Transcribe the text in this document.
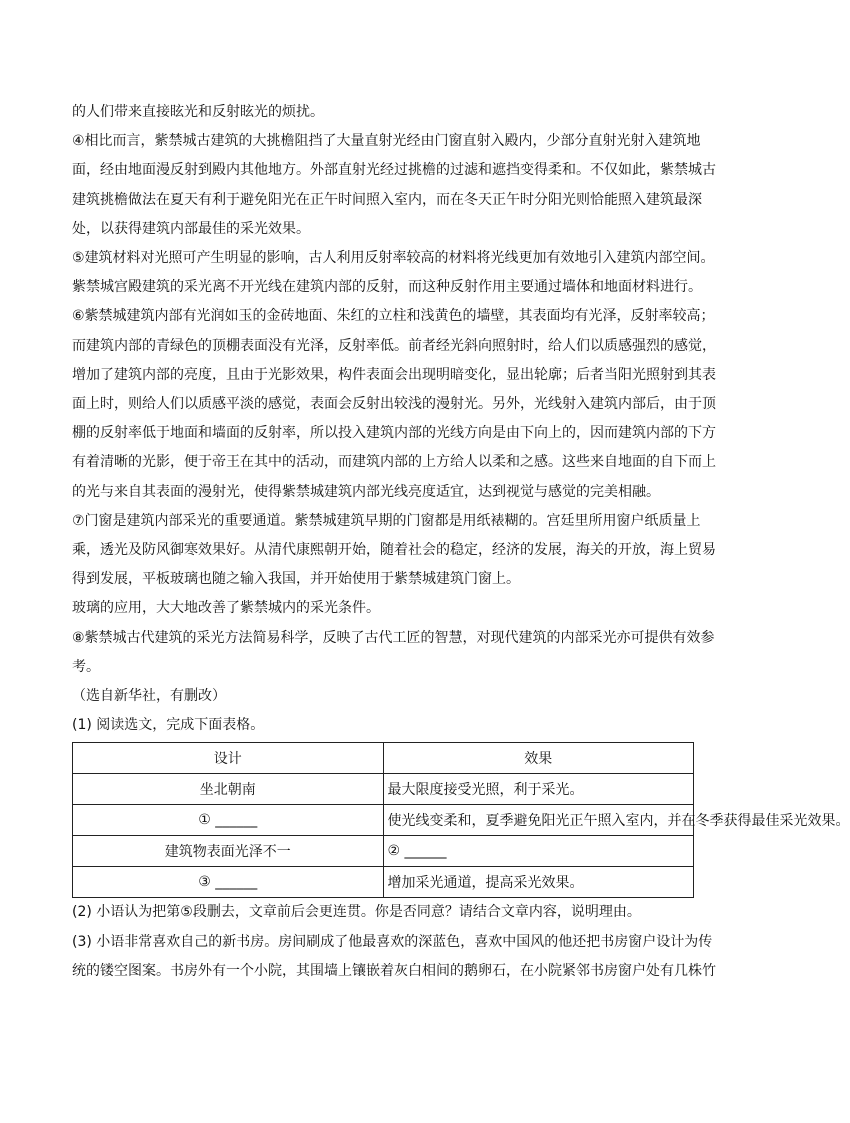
的人们带来直接眩光和反射眩光的烦扰。

④相比而言，紫禁城古建筑的大挑檐阻挡了大量直射光经由门窗直射入殿内，少部分直射光射入建筑地

面，经由地面漫反射到殿内其他地方。外部直射光经过挑檐的过滤和遮挡变得柔和。不仅如此，紫禁城古

建筑挑檐做法在夏天有利于避免阳光在正午时间照入室内，而在冬天正午时分阳光则恰能照入建筑最深

处，以获得建筑内部最佳的采光效果。

⑤建筑材料对光照可产生明显的影响，古人利用反射率较高的材料将光线更加有效地引入建筑内部空间。

紫禁城宫殿建筑的采光离不开光线在建筑内部的反射，而这种反射作用主要通过墙体和地面材料进行。

⑥紫禁城建筑内部有光润如玉的金砖地面、朱红的立柱和浅黄色的墙壁，其表面均有光泽，反射率较高；

而建筑内部的青绿色的顶棚表面没有光泽，反射率低。前者经光斜向照射时，给人们以质感强烈的感觉，

增加了建筑内部的亮度，且由于光影效果，构件表面会出现明暗变化，显出轮廓；后者当阳光照射到其表

面上时，则给人们以质感平淡的感觉，表面会反射出较浅的漫射光。另外，光线射入建筑内部后，由于顶

棚的反射率低于地面和墙面的反射率，所以投入建筑内部的光线方向是由下向上的，因而建筑内部的下方

有着清晰的光影，便于帝王在其中的活动，而建筑内部的上方给人以柔和之感。这些来自地面的自下而上

的光与来自其表面的漫射光，使得紫禁城建筑内部光线亮度适宜，达到视觉与感觉的完美相融。

⑦门窗是建筑内部采光的重要通道。紫禁城建筑早期的门窗都是用纸裱糊的。宫廷里所用窗户纸质量上

乘，透光及防风御寒效果好。从清代康熙朝开始，随着社会的稳定，经济的发展，海关的开放，海上贸易

得到发展，平板玻璃也随之输入我国，并开始使用于紫禁城建筑门窗上。

玻璃的应用，大大地改善了紫禁城内的采光条件。

⑧紫禁城古代建筑的采光方法简易科学，反映了古代工匠的智慧，对现代建筑的内部采光亦可提供有效参

考。

（选自新华社，有删改）

(1) 阅读选文，完成下面表格。

设计	效果
坐北朝南	最大限度接受光照，利于采光。
① ______	使光线变柔和，夏季避免阳光正午照入室内，并在冬季获得最佳采光效果。
建筑物表面光泽不一	② ______
③ ______	增加采光通道，提高采光效果。

(2) 小语认为把第⑤段删去，文章前后会更连贯。你是否同意？请结合文章内容，说明理由。

(3) 小语非常喜欢自己的新书房。房间刷成了他最喜欢的深蓝色，喜欢中国风的他还把书房窗户设计为传

统的镂空图案。书房外有一个小院，其围墙上镶嵌着灰白相间的鹅卵石，在小院紧邻书房窗户处有几株竹
